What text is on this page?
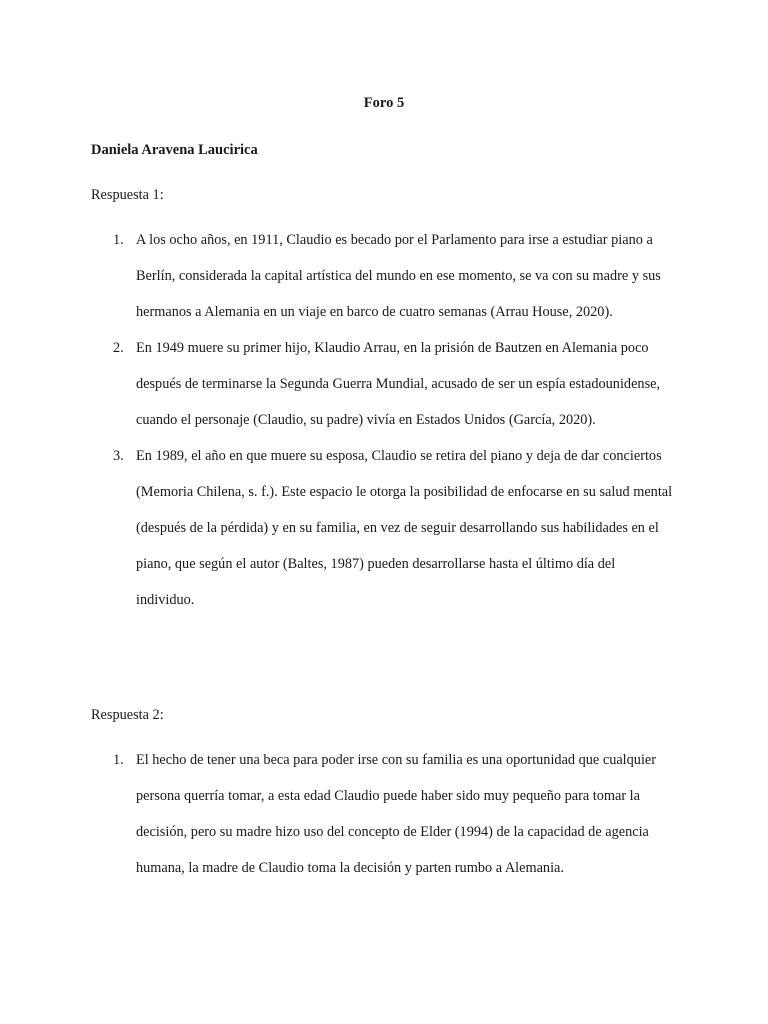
Foro 5
Daniela Aravena Laucirica
Respuesta 1:
1. A los ocho años, en 1911, Claudio es becado por el Parlamento para irse a estudiar piano a Berlín, considerada la capital artística del mundo en ese momento, se va con su madre y sus hermanos a Alemania en un viaje en barco de cuatro semanas (Arrau House, 2020).
2. En 1949 muere su primer hijo, Klaudio Arrau, en la prisión de Bautzen en Alemania poco después de terminarse la Segunda Guerra Mundial, acusado de ser un espía estadounidense, cuando el personaje (Claudio, su padre) vivía en Estados Unidos (García, 2020).
3. En 1989, el año en que muere su esposa, Claudio se retira del piano y deja de dar conciertos (Memoria Chilena, s. f.). Este espacio le otorga la posibilidad de enfocarse en su salud mental (después de la pérdida) y en su familia, en vez de seguir desarrollando sus habilidades en el piano, que según el autor (Baltes, 1987) pueden desarrollarse hasta el último día del individuo.
Respuesta 2:
1. El hecho de tener una beca para poder irse con su familia es una oportunidad que cualquier persona querría tomar, a esta edad Claudio puede haber sido muy pequeño para tomar la decisión, pero su madre hizo uso del concepto de Elder (1994) de la capacidad de agencia humana, la madre de Claudio toma la decisión y parten rumbo a Alemania.
